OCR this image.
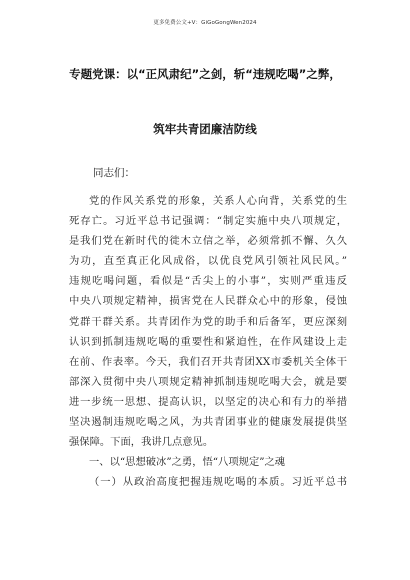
更多免费公文+V：GiGoGongWen2024
专题党课：以“正风肃纪”之剑，斩“违规吃喝”之弊，
筑牢共青团廉洁防线
同志们：
党的作风关系党的形象，关系人心向背，关系党的生
死存亡。习近平总书记强调：“制定实施中央八项规定，
是我们党在新时代的徙木立信之举，必须常抓不懈、久久
为功，直至真正化风成俗，以优良党风引领社风民风。”
违规吃喝问题，看似是“舌尖上的小事”，实则严重违反
中央八项规定精神，损害党在人民群众心中的形象，侵蚀
党群干群关系。共青团作为党的助手和后备军，更应深刻
认识到抓制违规吃喝的重要性和紧迫性，在作风建设上走
在前、作表率。今天，我们召开共青团XX市委机关全体干
部深入贯彻中央八项规定精神抓制违规吃喝大会，就是要
进一步统一思想、提高认识，以坚定的决心和有力的举措
坚决遏制违规吃喝之风，为共青团事业的健康发展提供坚
强保障。下面，我讲几点意见。
一、以“思想破冰”之勇，悟“八项规定”之魂
（一）从政治高度把握违规吃喝的本质。习近平总书
